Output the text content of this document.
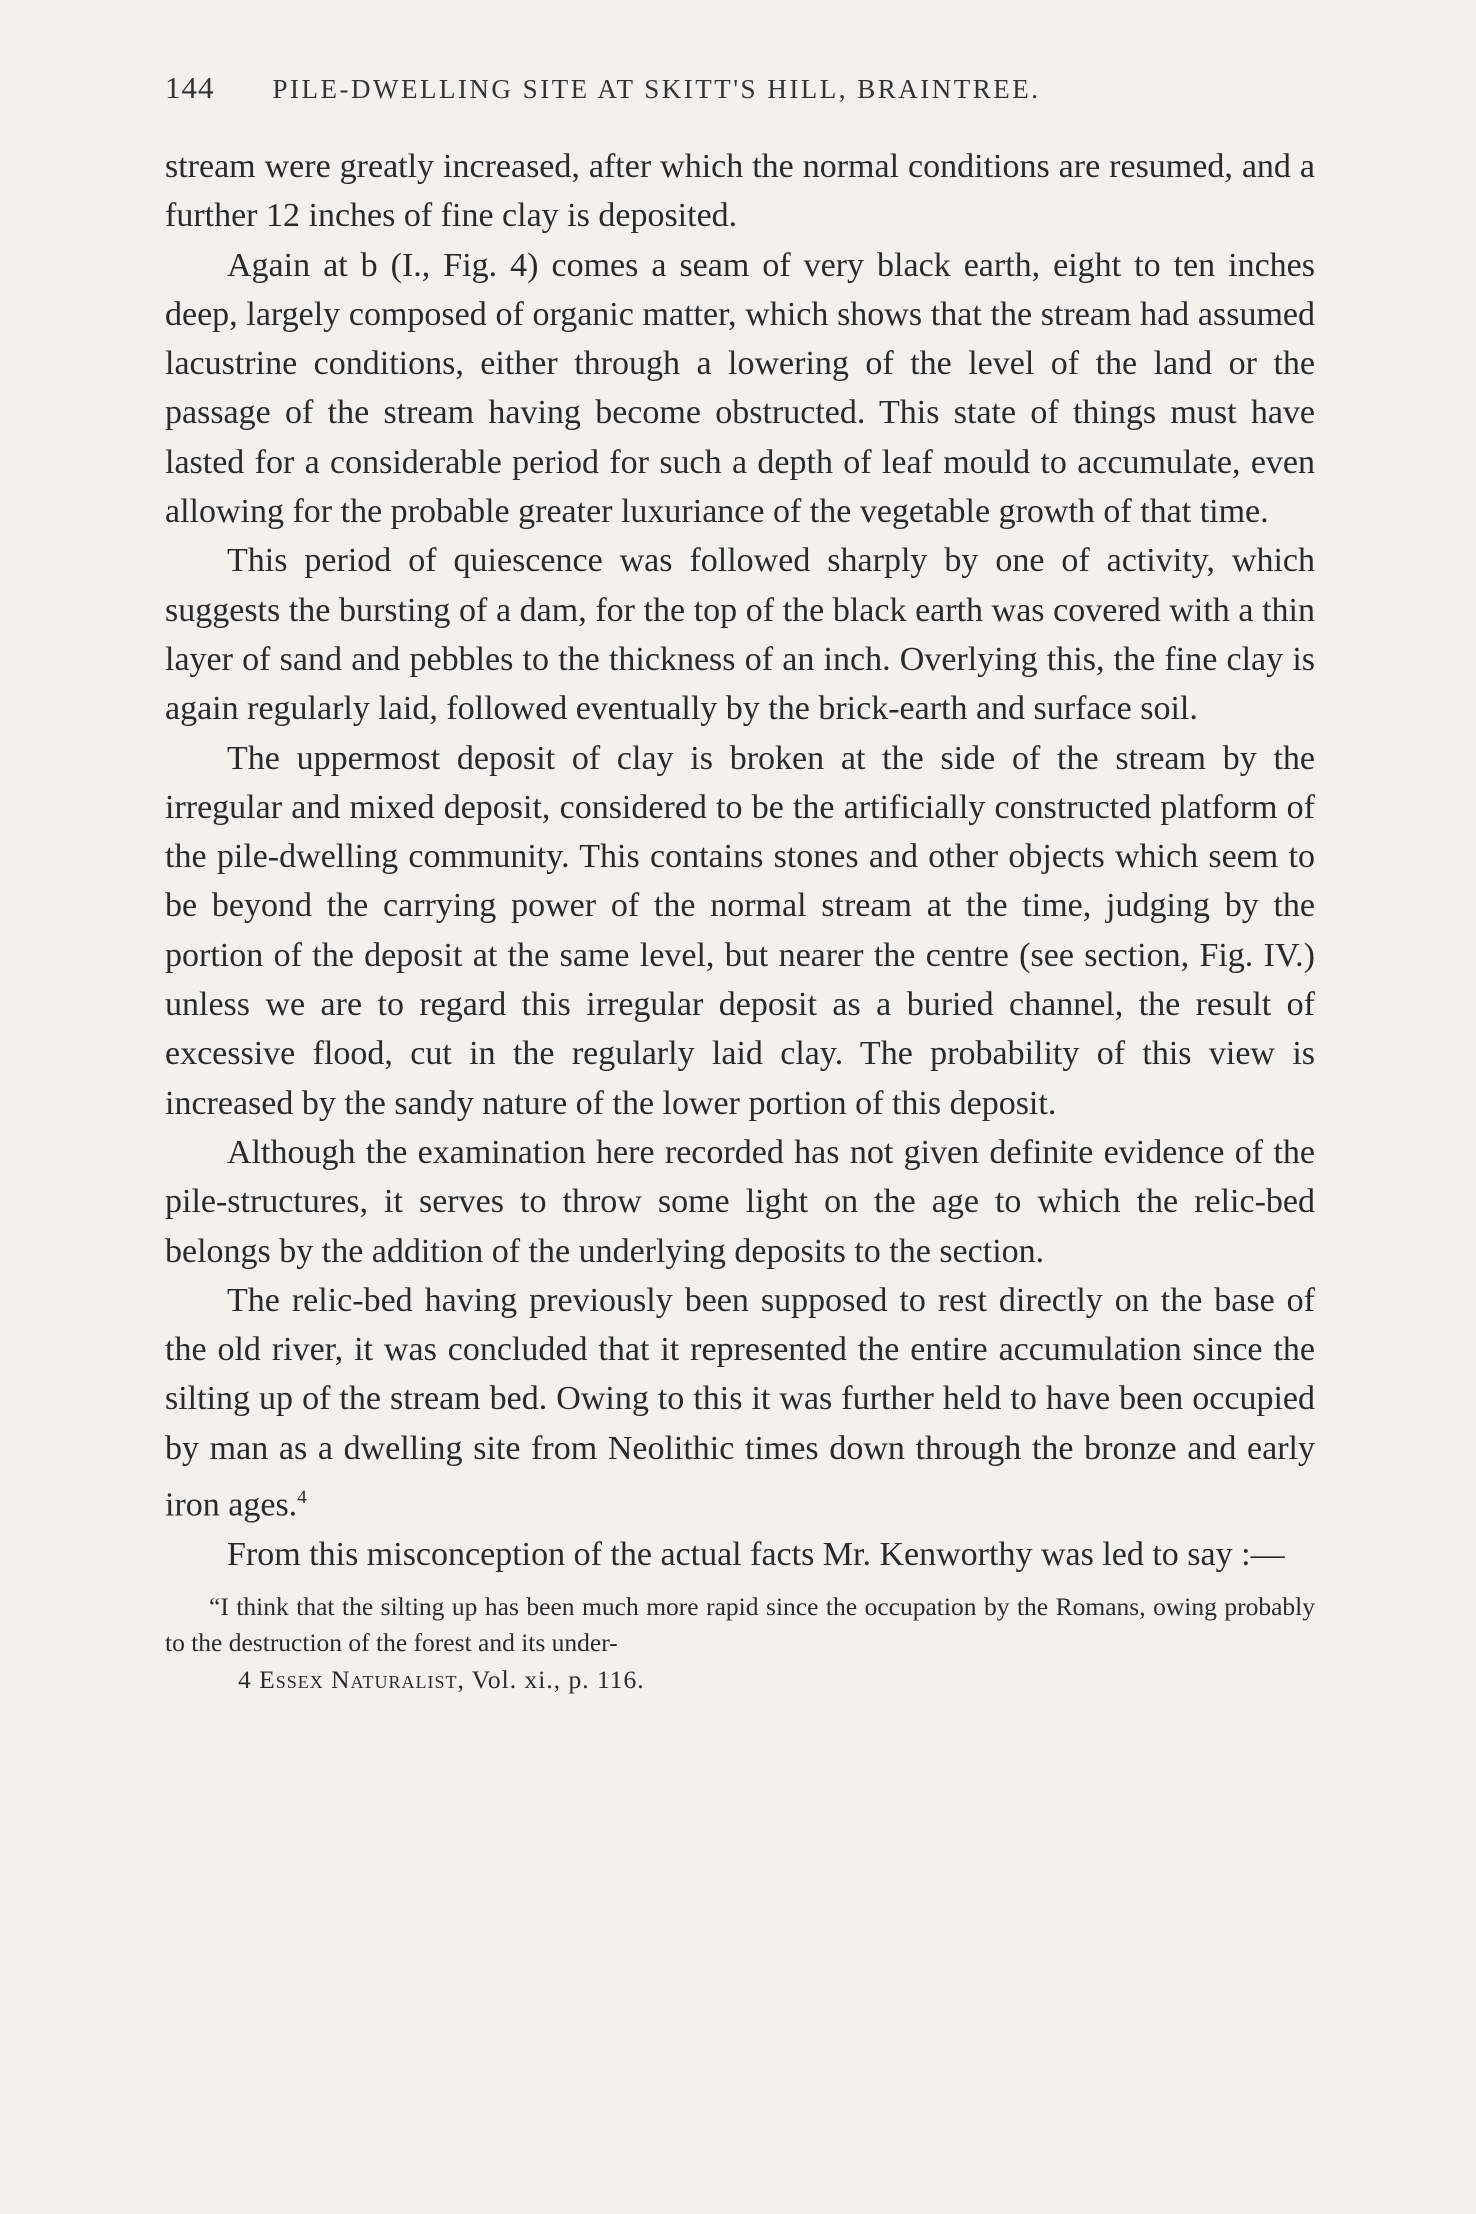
144 PILE-DWELLING SITE AT SKITT'S HILL, BRAINTREE.

stream were greatly increased, after which the normal conditions are resumed, and a further 12 inches of fine clay is deposited.

Again at b (I., Fig. 4) comes a seam of very black earth, eight to ten inches deep, largely composed of organic matter, which shows that the stream had assumed lacustrine conditions, either through a lowering of the level of the land or the passage of the stream having become obstructed. This state of things must have lasted for a considerable period for such a depth of leaf mould to accumulate, even allowing for the probable greater luxuriance of the vegetable growth of that time.

This period of quiescence was followed sharply by one of activity, which suggests the bursting of a dam, for the top of the black earth was covered with a thin layer of sand and pebbles to the thickness of an inch. Overlying this, the fine clay is again regularly laid, followed eventually by the brick-earth and surface soil.

The uppermost deposit of clay is broken at the side of the stream by the irregular and mixed deposit, considered to be the artificially constructed platform of the pile-dwelling community. This contains stones and other objects which seem to be beyond the carrying power of the normal stream at the time, judging by the portion of the deposit at the same level, but nearer the centre (see section, Fig. IV.) unless we are to regard this irregular deposit as a buried channel, the result of excessive flood, cut in the regularly laid clay. The probability of this view is increased by the sandy nature of the lower portion of this deposit.

Although the examination here recorded has not given definite evidence of the pile-structures, it serves to throw some light on the age to which the relic-bed belongs by the addition of the underlying deposits to the section.

The relic-bed having previously been supposed to rest directly on the base of the old river, it was concluded that it represented the entire accumulation since the silting up of the stream bed. Owing to this it was further held to have been occupied by man as a dwelling site from Neolithic times down through the bronze and early iron ages.$^4$

From this misconception of the actual facts Mr. Kenworthy was led to say :—

“I think that the silting up has been much more rapid since the occupation by the Romans, owing probably to the destruction of the forest and its under-

4 Essex Naturalist, Vol. xi., p. 116.
